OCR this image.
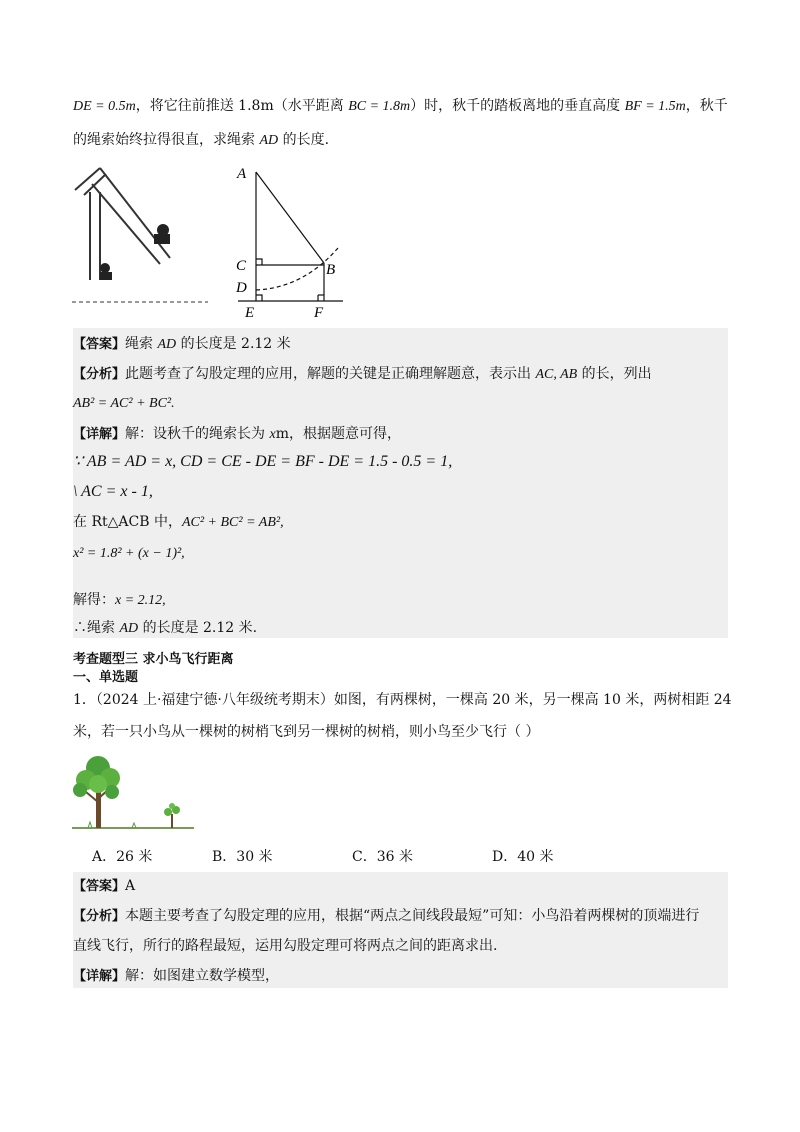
DE = 0.5m，将它往前推送 1.8m（水平距离 BC = 1.8m）时，秋千的踏板离地的垂直高度 BF = 1.5m，秋千
的绳索始终拉得很直，求绳索 AD 的长度.
A
C
D
B
E	F
【答案】绳索 AD 的长度是 2.12 米
【分析】此题考查了勾股定理的应用，解题的关键是正确理解题意，表示出 AC, AB 的长，列出
AB² = AC² + BC².
【详解】解：设秋千的绳索长为 xm，根据题意可得，
∵ AB = AD = x, CD = CE - DE = BF - DE = 1.5 - 0.5 = 1,
\ AC = x - 1,
在 Rt△ACB 中，AC² + BC² = AB²,
x² = 1.8² + (x − 1)²,
解得：x = 2.12,
∴绳索 AD 的长度是 2.12 米.
考查题型三 求小鸟飞行距离
一、单选题
1．（2024 上·福建宁德·八年级统考期末）如图，有两棵树，一棵高 20 米，另一棵高 10 米，两树相距 24
米，若一只小鸟从一棵树的树梢飞到另一棵树的树梢，则小鸟至少飞行（ ）
A．26 米	B．30 米	C．36 米	D．40 米
【答案】A
【分析】本题主要考查了勾股定理的应用，根据“两点之间线段最短”可知：小鸟沿着两棵树的顶端进行
直线飞行，所行的路程最短，运用勾股定理可将两点之间的距离求出.
【详解】解：如图建立数学模型，
